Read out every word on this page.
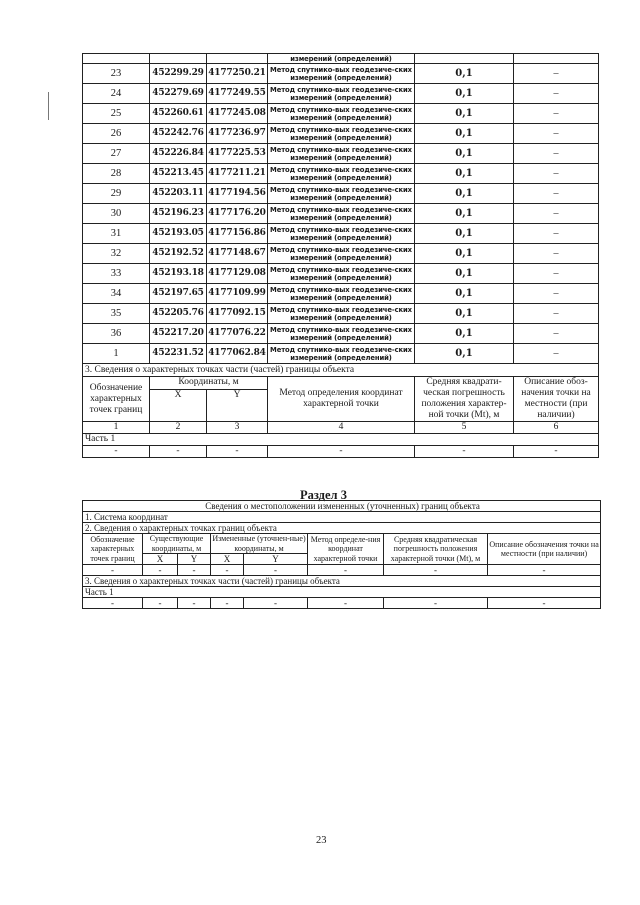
			измерений (определений)		
23	452299.29	4177250.21	Метод спутнико-вых геодезиче-ских измерений (определений)	0,1	–
24	452279.69	4177249.55	Метод спутнико-вых геодезиче-ских измерений (определений)	0,1	–
25	452260.61	4177245.08	Метод спутнико-вых геодезиче-ских измерений (определений)	0,1	–
26	452242.76	4177236.97	Метод спутнико-вых геодезиче-ских измерений (определений)	0,1	–
27	452226.84	4177225.53	Метод спутнико-вых геодезиче-ских измерений (определений)	0,1	–
28	452213.45	4177211.21	Метод спутнико-вых геодезиче-ских измерений (определений)	0,1	–
29	452203.11	4177194.56	Метод спутнико-вых геодезиче-ских измерений (определений)	0,1	–
30	452196.23	4177176.20	Метод спутнико-вых геодезиче-ских измерений (определений)	0,1	–
31	452193.05	4177156.86	Метод спутнико-вых геодезиче-ских измерений (определений)	0,1	–
32	452192.52	4177148.67	Метод спутнико-вых геодезиче-ских измерений (определений)	0,1	–
33	452193.18	4177129.08	Метод спутнико-вых геодезиче-ских измерений (определений)	0,1	–
34	452197.65	4177109.99	Метод спутнико-вых геодезиче-ских измерений (определений)	0,1	–
35	452205.76	4177092.15	Метод спутнико-вых геодезиче-ских измерений (определений)	0,1	–
36	452217.20	4177076.22	Метод спутнико-вых геодезиче-ских измерений (определений)	0,1	–
1	452231.52	4177062.84	Метод спутнико-вых геодезиче-ских измерений (определений)	0,1	–
3. Сведения о характерных точках части (частей) границы объекта					
Обозначение характерных точек границ	Координаты, м		Метод определения координат характерной точки	Средняя квадрати-ческая погрешность положения характер-ной точки (Mt), м	Описание обоз-начения точки на местности (при наличии)
	X	Y			
1	2	3	4	5	6
Часть 1					
-	-	-	-	-	-
Раздел 3
Сведения о местоположении измененных (уточненных) границ объекта							
1. Система координат							
2. Сведения о характерных точках границ объекта							
Обозначение характерных точек границ	Существующие координаты, м		Измененные (уточнен-ные) координаты, м		Метод определе-ния координат характерной точки	Средняя квадратическая погрешность положения характерной точки (Mt), м	Описание обозначения точки на местности (при наличии)
	X	Y	X	Y			
-	-	-	-	-	-	-	-
3. Сведения о характерных точках части (частей) границы объекта							
Часть 1							
-	-	-	-	-	-	-	-
23
